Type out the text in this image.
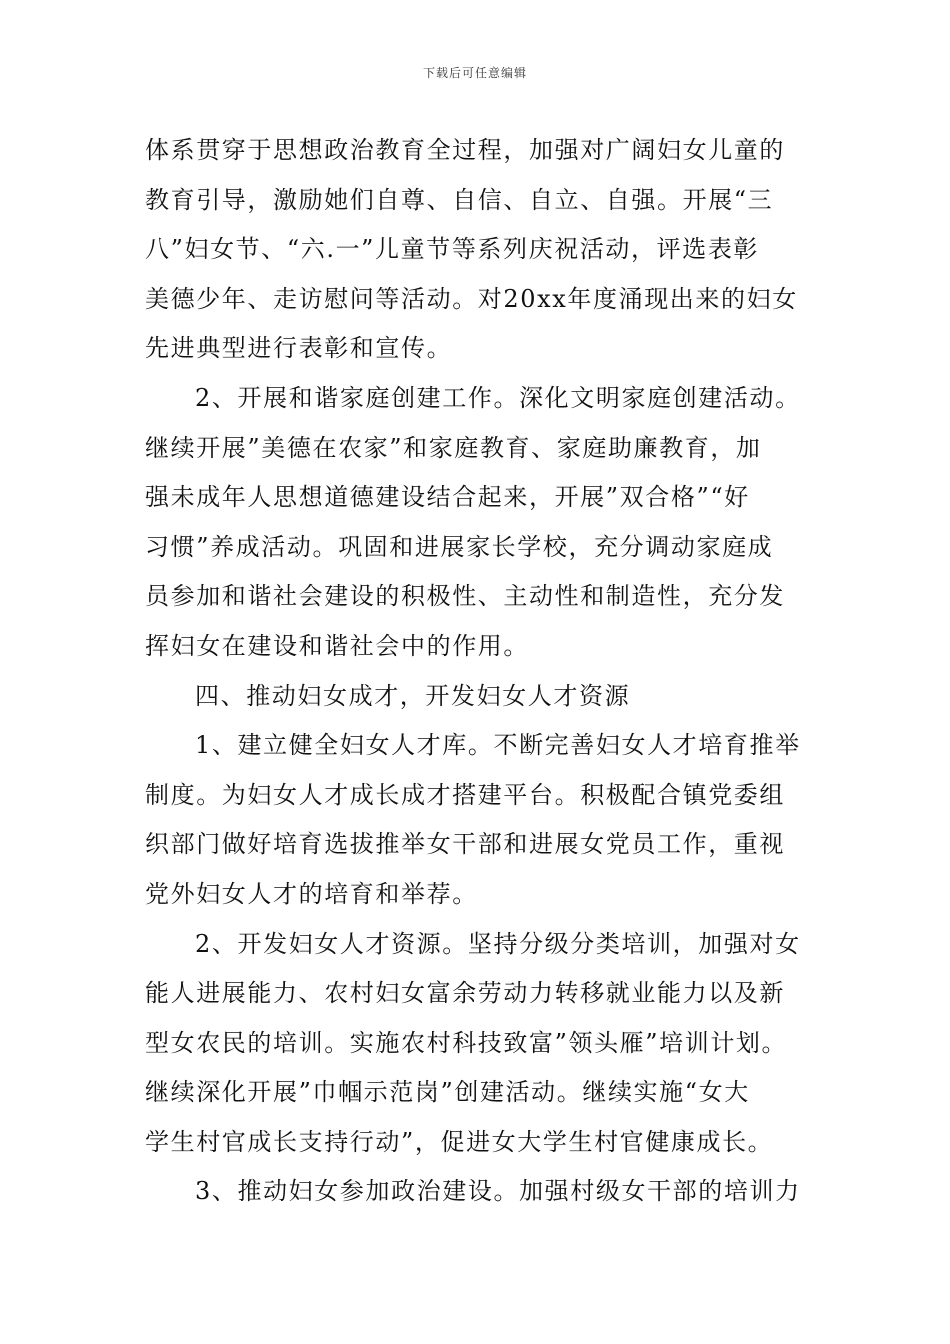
下载后可任意编辑
体系贯穿于思想政治教育全过程，加强对广阔妇女儿童的
教育引导，激励她们自尊、自信、自立、自强。开展“三
八”妇女节、“六.一”儿童节等系列庆祝活动，评选表彰
美德少年、走访慰问等活动。对20xx年度涌现出来的妇女
先进典型进行表彰和宣传。
2、开展和谐家庭创建工作。深化文明家庭创建活动。
继续开展”美德在农家”和家庭教育、家庭助廉教育，加
强未成年人思想道德建设结合起来，开展”双合格”“好
习惯”养成活动。巩固和进展家长学校，充分调动家庭成
员参加和谐社会建设的积极性、主动性和制造性，充分发
挥妇女在建设和谐社会中的作用。
四、推动妇女成才，开发妇女人才资源
1、建立健全妇女人才库。不断完善妇女人才培育推举
制度。为妇女人才成长成才搭建平台。积极配合镇党委组
织部门做好培育选拔推举女干部和进展女党员工作，重视
党外妇女人才的培育和举荐。
2、开发妇女人才资源。坚持分级分类培训，加强对女
能人进展能力、农村妇女富余劳动力转移就业能力以及新
型女农民的培训。实施农村科技致富”领头雁”培训计划。
继续深化开展”巾帼示范岗”创建活动。继续实施“女大
学生村官成长支持行动”，促进女大学生村官健康成长。
3、推动妇女参加政治建设。加强村级女干部的培训力
